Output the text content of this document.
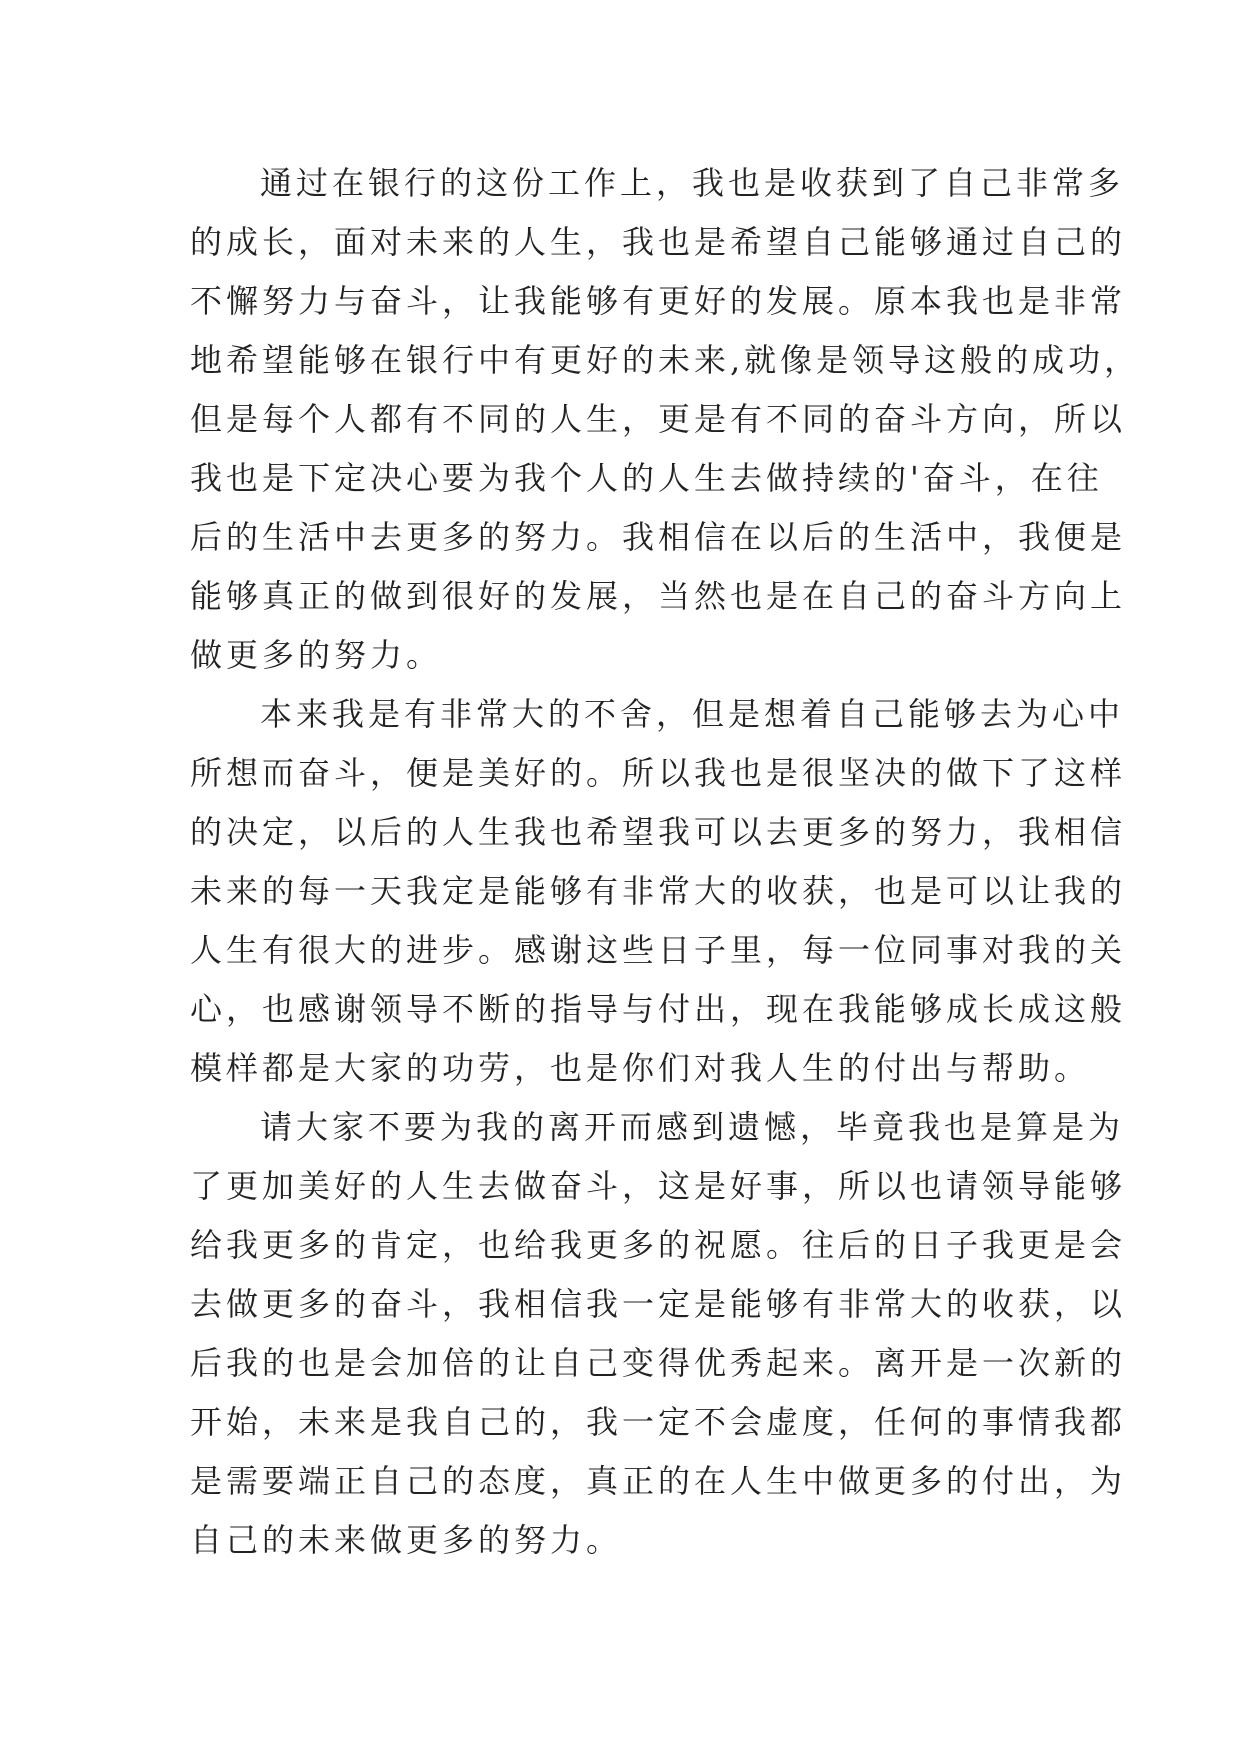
通过在银行的这份工作上，我也是收获到了自己非常多
的成长，面对未来的人生，我也是希望自己能够通过自己的
不懈努力与奋斗，让我能够有更好的发展。原本我也是非常
地希望能够在银行中有更好的未来,就像是领导这般的成功，
但是每个人都有不同的人生，更是有不同的奋斗方向，所以
我也是下定决心要为我个人的人生去做持续的'奋斗，在往
后的生活中去更多的努力。我相信在以后的生活中，我便是
能够真正的做到很好的发展，当然也是在自己的奋斗方向上
做更多的努力。
本来我是有非常大的不舍，但是想着自己能够去为心中
所想而奋斗，便是美好的。所以我也是很坚决的做下了这样
的决定，以后的人生我也希望我可以去更多的努力，我相信
未来的每一天我定是能够有非常大的收获，也是可以让我的
人生有很大的进步。感谢这些日子里，每一位同事对我的关
心，也感谢领导不断的指导与付出，现在我能够成长成这般
模样都是大家的功劳，也是你们对我人生的付出与帮助。
请大家不要为我的离开而感到遗憾，毕竟我也是算是为
了更加美好的人生去做奋斗，这是好事，所以也请领导能够
给我更多的肯定，也给我更多的祝愿。往后的日子我更是会
去做更多的奋斗，我相信我一定是能够有非常大的收获，以
后我的也是会加倍的让自己变得优秀起来。离开是一次新的
开始，未来是我自己的，我一定不会虚度，任何的事情我都
是需要端正自己的态度，真正的在人生中做更多的付出，为
自己的未来做更多的努力。
